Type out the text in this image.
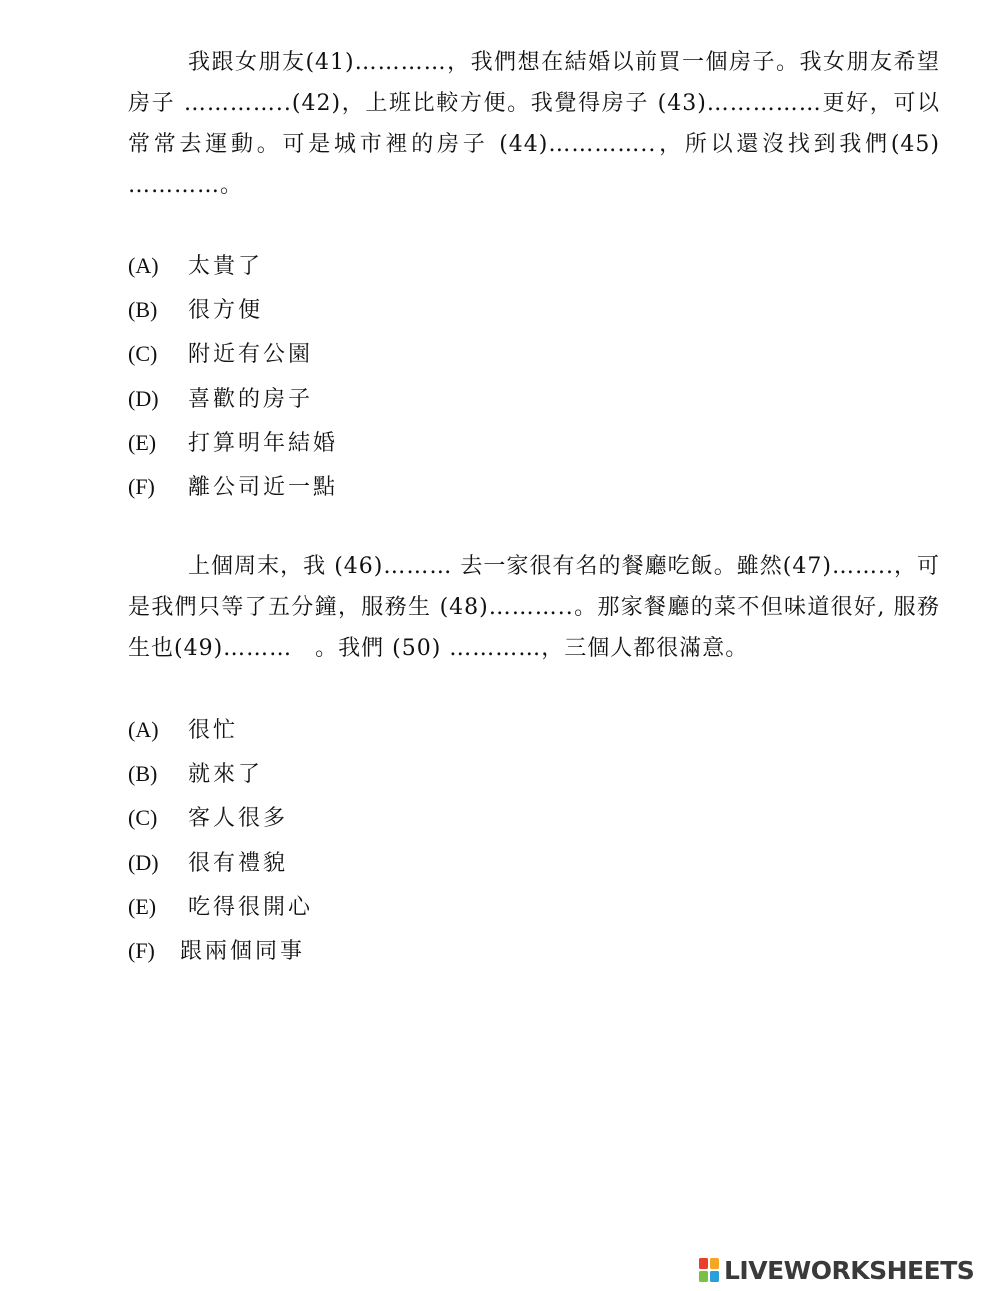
我跟女朋友(41)…………，我們想在結婚以前買一個房子。我女朋友希望房子 …………..(42)，上班比較方便。我覺得房子 (43)……………更好，可以常常去運動。可是城市裡的房子 (44)…………..，所以還沒找到我們(45) …………。

(A) 太貴了
(B) 很方便
(C) 附近有公園
(D) 喜歡的房子
(E) 打算明年結婚
(F) 離公司近一點

上個周末，我 (46)……… 去一家很有名的餐廳吃飯。雖然(47)……..，可是我們只等了五分鐘，服務生 (48)………..。那家餐廳的菜不但味道很好, 服務生也(49)………　。我們 (50) …………，三個人都很滿意。

(A) 很忙
(B) 就來了
(C) 客人很多
(D) 很有禮貌
(E) 吃得很開心
(F) 跟兩個同事
LIVEWORKSHEETS
